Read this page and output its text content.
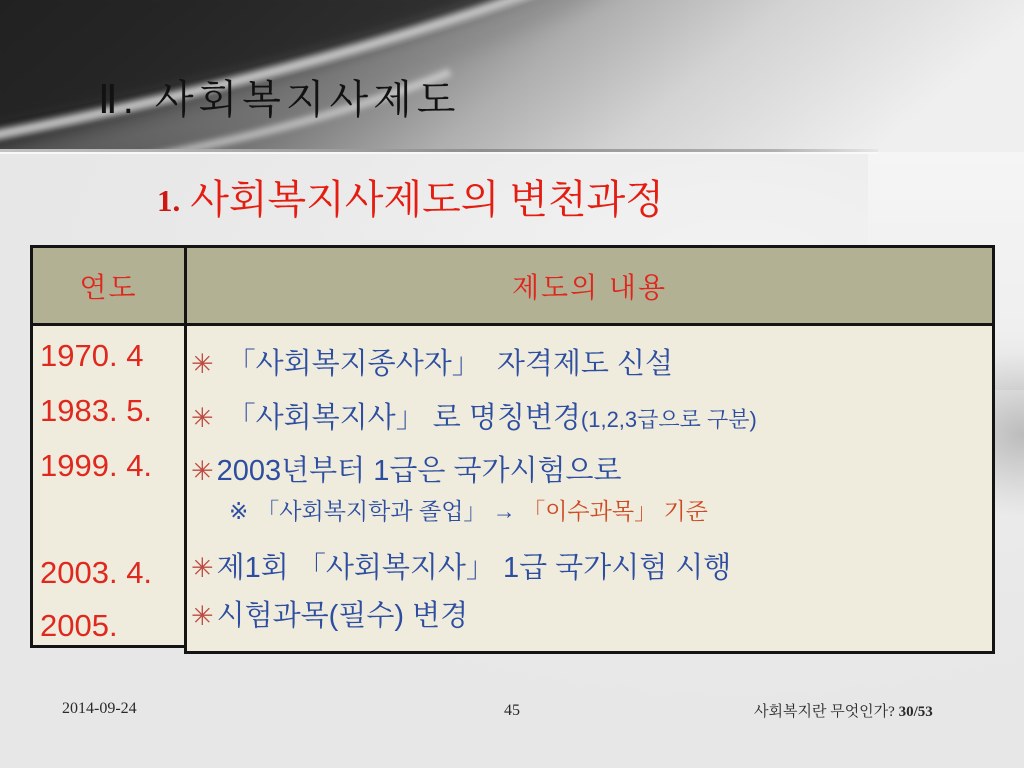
Ⅱ. 사회복지사제도
1. 사회복지사제도의 변천과정
연도
1970. 4
1983. 5.
1999. 4.
2003. 4.
2005.
제도의 내용
✳ 「사회복지종사자」  자격제도 신설
✳ 「사회복지사」 로 명칭변경(1,2,3급으로 구분)
✳ 2003년부터 1급은 국가시험으로
※ 「사회복지학과 졸업」 → 「이수과목」 기준
✳ 제1회 「사회복지사」 1급 국가시험 시행
✳ 시험과목(필수) 변경
2014-09-24	45	사회복지란 무엇인가? 30/53
